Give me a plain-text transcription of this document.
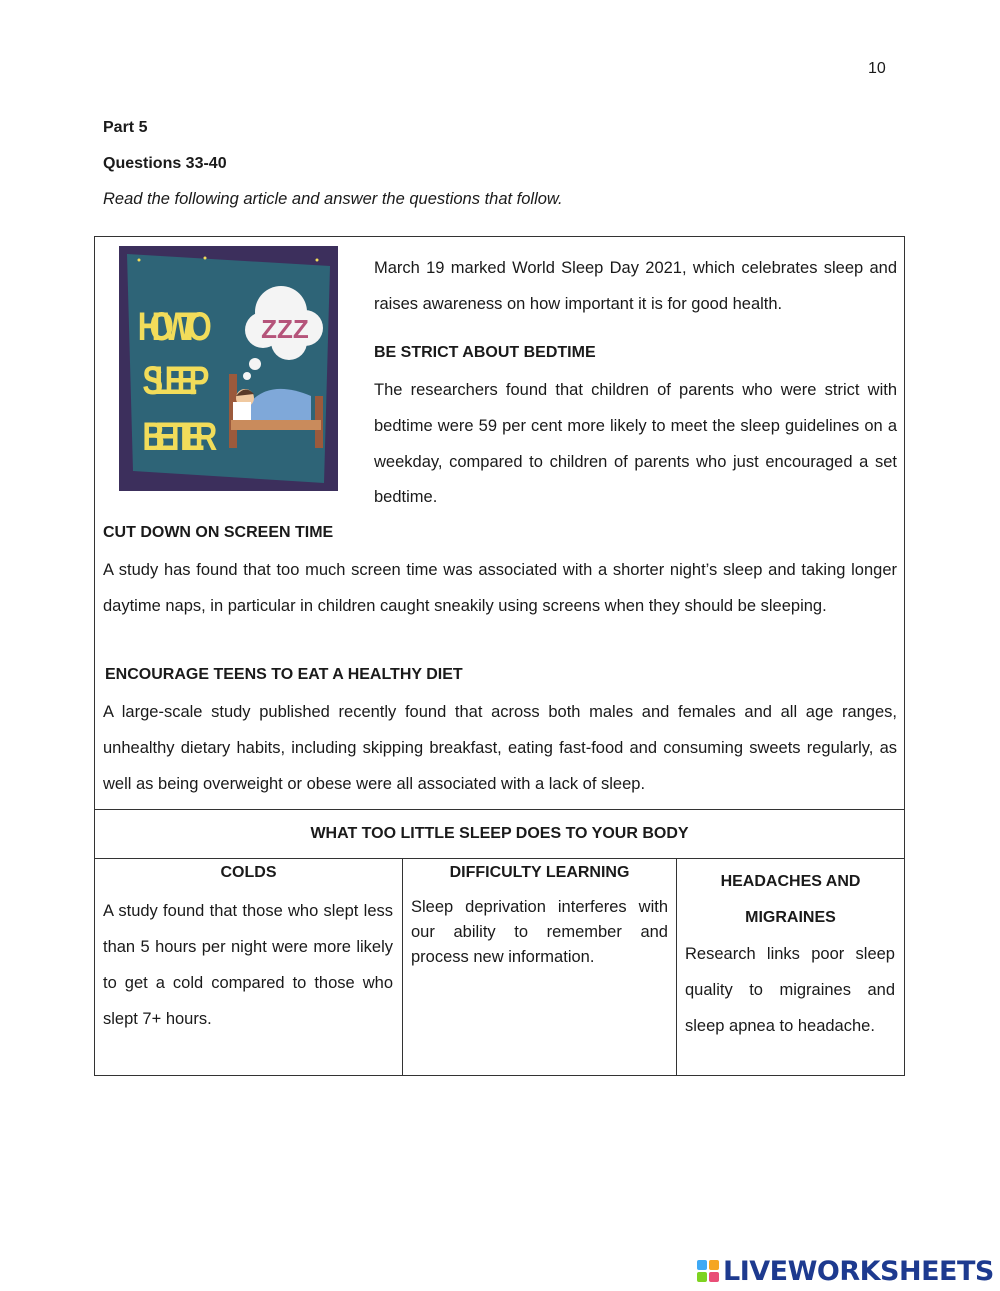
10
Part 5
Questions 33-40
Read the following article and answer the questions that follow.
ZZZ
HOW TO
SLEEP
BETTER
March 19 marked World Sleep Day 2021, which celebrates sleep and raises awareness on how important it is for good health.
BE STRICT ABOUT BEDTIME
The researchers found that children of parents who were strict with bedtime were 59 per cent more likely to meet the sleep guidelines on a weekday, compared to children of parents who just encouraged a set bedtime.
CUT DOWN ON SCREEN TIME
A study has found that too much screen time was associated with a shorter night’s sleep and taking longer daytime naps, in particular in children caught sneakily using screens when they should be sleeping.
ENCOURAGE TEENS TO EAT A HEALTHY DIET
A large-scale study published recently found that across both males and females and all age ranges, unhealthy dietary habits, including skipping breakfast, eating fast-food and consuming sweets regularly, as well as being overweight or obese were all associated with a lack of sleep.
WHAT TOO LITTLE SLEEP DOES TO YOUR BODY
COLDS
A study found that those who slept less than 5 hours per night were more likely to get a cold compared to those who slept 7+ hours.
DIFFICULTY LEARNING
Sleep deprivation interferes with our ability to remember and process new information.
HEADACHES AND MIGRAINES
Research links poor sleep quality to migraines and sleep apnea to headache.
LIVEWORKSHEETS
